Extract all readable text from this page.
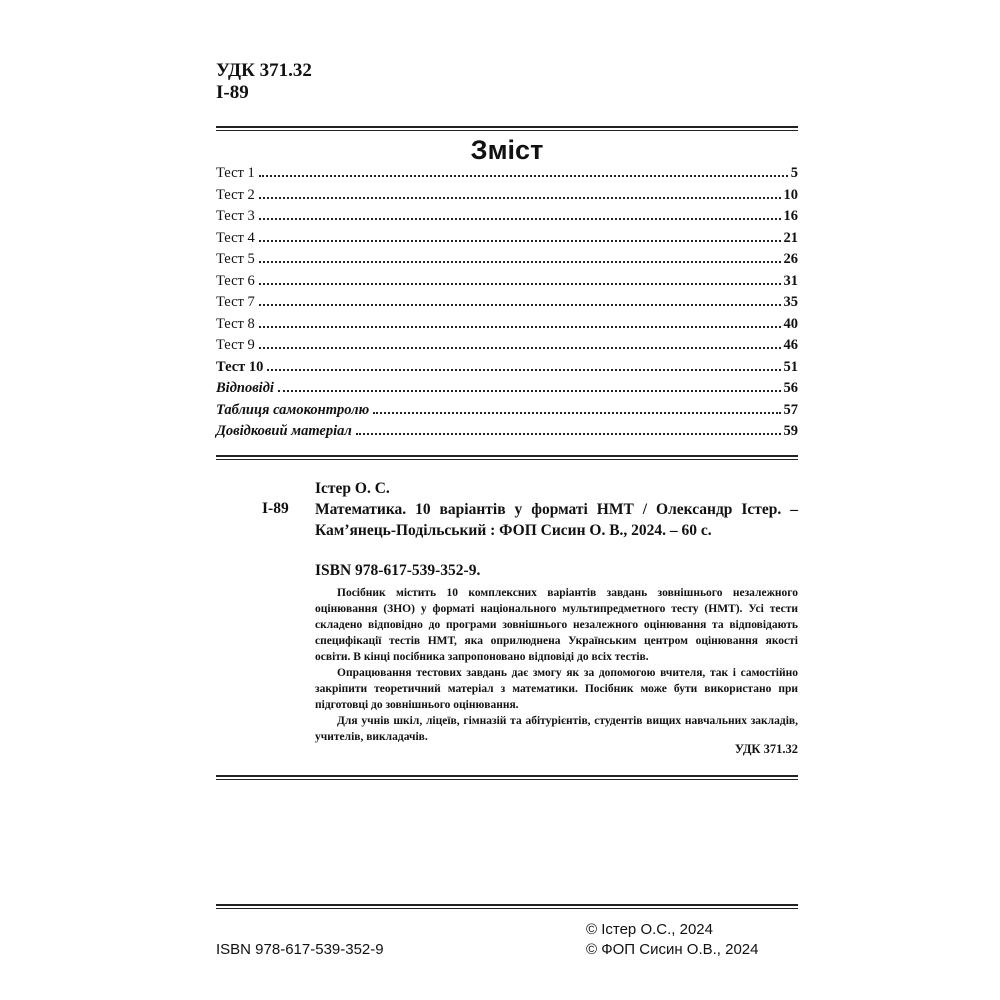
УДК 371.32
І-89
Зміст
Тест 1	5
Тест 2	10
Тест 3	16
Тест 4	21
Тест 5	26
Тест 6	31
Тест 7	35
Тест 8	40
Тест 9	46
Тест 10	51
Відповіді	56
Таблиця самоконтролю	57
Довідковий матеріал	59
Істер О. С.
І-89 Математика. 10 варіантів у форматі НМТ / Олександр Істер. – Кам’янець-Подільський : ФОП Сисин О. В., 2024. – 60 с.
ISBN 978-617-539-352-9.

Посібник містить 10 комплексних варіантів завдань зовнішнього незалежного оцінювання (ЗНО) у форматі національного мультипредметного тесту (НМТ). Усі тести складено відповідно до програми зовнішнього незалежного оцінювання та відповідають специфікації тестів НМТ, яка оприлюднена Українським центром оцінювання якості освіти. В кінці посібника запропоновано відповіді до всіх тестів.

Опрацювання тестових завдань дає змогу як за допомогою вчителя, так і самостійно закріпити теоретичний матеріал з математики. Посібник може бути використано при підготовці до зовнішнього оцінювання.

Для учнів шкіл, ліцеїв, гімназій та абітурієнтів, студентів вищих навчальних закладів, учителів, викладачів.

УДК 371.32
© Істер О.С., 2024
© ФОП Сисин О.В., 2024
ISBN 978-617-539-352-9
